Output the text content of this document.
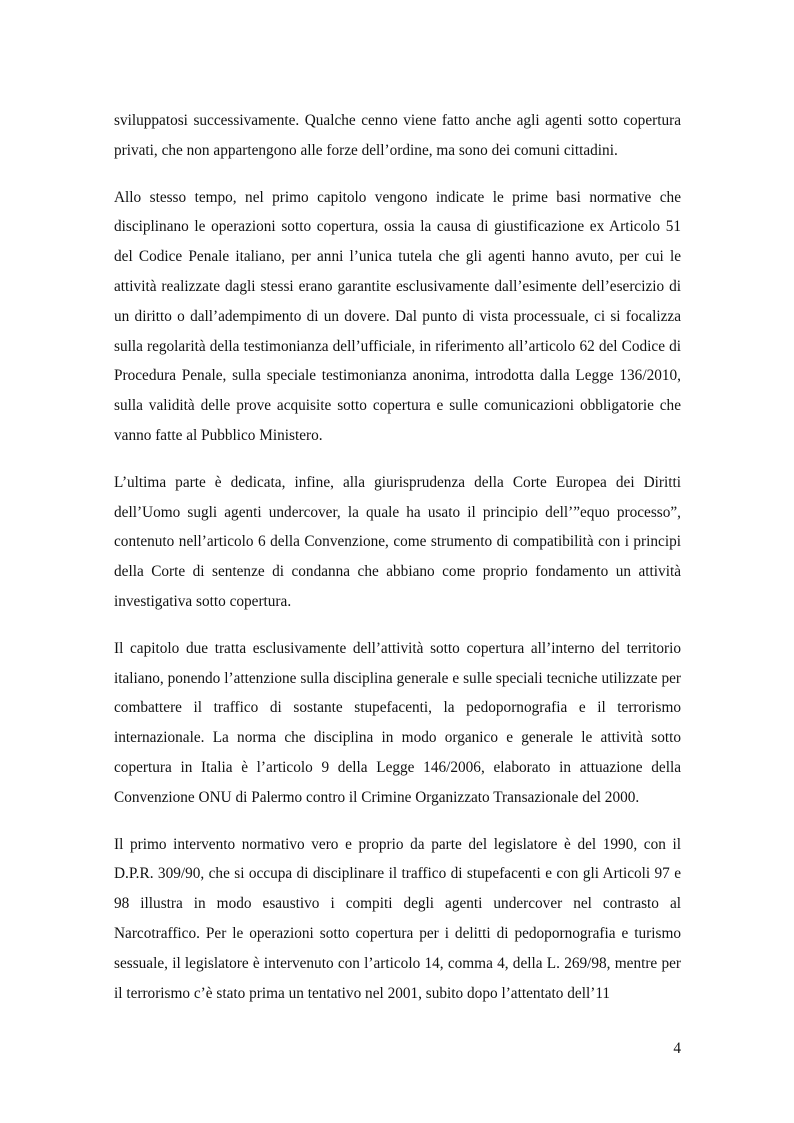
sviluppatosi successivamente. Qualche cenno viene fatto anche agli agenti sotto copertura privati, che non appartengono alle forze dell’ordine, ma sono dei comuni cittadini.

Allo stesso tempo, nel primo capitolo vengono indicate le prime basi normative che disciplinano le operazioni sotto copertura, ossia la causa di giustificazione ex Articolo 51 del Codice Penale italiano, per anni l’unica tutela che gli agenti hanno avuto, per cui le attività realizzate dagli stessi erano garantite esclusivamente dall’esimente dell’esercizio di un diritto o dall’adempimento di un dovere. Dal punto di vista processuale, ci si focalizza sulla regolarità della testimonianza dell’ufficiale, in riferimento all’articolo 62 del Codice di Procedura Penale, sulla speciale testimonianza anonima, introdotta dalla Legge 136/2010, sulla validità delle prove acquisite sotto copertura e sulle comunicazioni obbligatorie che vanno fatte al Pubblico Ministero.

L’ultima parte è dedicata, infine, alla giurisprudenza della Corte Europea dei Diritti dell’Uomo sugli agenti undercover, la quale ha usato il principio dell’”equo processo”, contenuto nell’articolo 6 della Convenzione, come strumento di compatibilità con i principi della Corte di sentenze di condanna che abbiano come proprio fondamento un attività investigativa sotto copertura.

Il capitolo due tratta esclusivamente dell’attività sotto copertura all’interno del territorio italiano, ponendo l’attenzione sulla disciplina generale e sulle speciali tecniche utilizzate per combattere il traffico di sostante stupefacenti, la pedopornografia e il terrorismo internazionale. La norma che disciplina in modo organico e generale le attività sotto copertura in Italia è l’articolo 9 della Legge 146/2006, elaborato in attuazione della Convenzione ONU di Palermo contro il Crimine Organizzato Transazionale del 2000.

Il primo intervento normativo vero e proprio da parte del legislatore è del 1990, con il D.P.R. 309/90, che si occupa di disciplinare il traffico di stupefacenti e con gli Articoli 97 e 98 illustra in modo esaustivo i compiti degli agenti undercover nel contrasto al Narcotraffico. Per le operazioni sotto copertura per i delitti di pedopornografia e turismo sessuale, il legislatore è intervenuto con l’articolo 14, comma 4, della L. 269/98, mentre per il terrorismo c’è stato prima un tentativo nel 2001, subito dopo l’attentato dell’11

4
